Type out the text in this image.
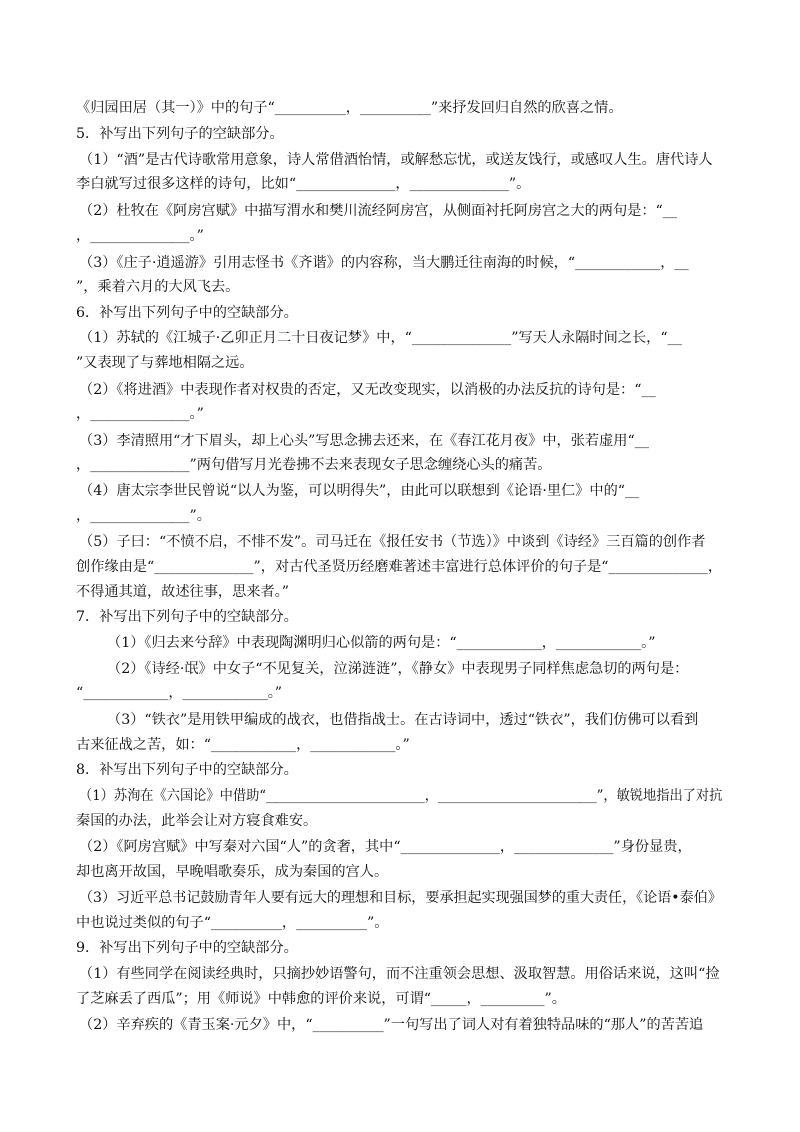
《归园田居（其一）》中的句子“__________，__________”来抒发回归自然的欣喜之情。
5．补写出下列句子的空缺部分。
（1）“酒”是古代诗歌常用意象，诗人常借酒怡情，或解愁忘忧，或送友饯行，或感叹人生。唐代诗人
李白就写过很多这样的诗句，比如“______________，______________”。
（2）杜牧在《阿房宫赋》中描写渭水和樊川流经阿房宫，从侧面衬托阿房宫之大的两句是：“__
，______________。”
（3）《庄子·逍遥游》引用志怪书《齐谐》的内容称，当大鹏迁往南海的时候，“____________，__
”，乘着六月的大风飞去。
6．补写出下列句子中的空缺部分。
（1）苏轼的《江城子·乙卯正月二十日夜记梦》中，“______________”写天人永隔时间之长，“__
”又表现了与葬地相隔之远。
（2）《将进酒》中表现作者对权贵的否定，又无改变现实，以消极的办法反抗的诗句是：“__
，______________。”
（3）李清照用“才下眉头，却上心头”写思念拂去还来，在《春江花月夜》中，张若虚用“__
，______________”两句借写月光卷拂不去来表现女子思念缠绕心头的痛苦。
（4）唐太宗李世民曾说“以人为鉴，可以明得失”，由此可以联想到《论语·里仁》中的“__
，______________”。
（5）子曰：“不愤不启，不悱不发”。司马迁在《报任安书（节选）》中谈到《诗经》三百篇的创作者
创作缘由是“______________”，对古代圣贤历经磨难著述丰富进行总体评价的句子是“______________，
不得通其道，故述往事，思来者。”
7．补写出下列句子中的空缺部分。
（1）《归去来兮辞》中表现陶渊明归心似箭的两句是：“____________，____________。”
（2）《诗经·氓》中女子“不见复关，泣涕涟涟”，《静女》中表现男子同样焦虑急切的两句是：
“____________，____________。”
（3）“铁衣”是用铁甲编成的战衣，也借指战士。在古诗词中，透过“铁衣”，我们仿佛可以看到
古来征战之苦，如：“____________，____________。”
8．补写出下列句子中的空缺部分。
（1）苏洵在《六国论》中借助“________________________，________________________”，敏锐地指出了对抗
秦国的办法，此举会让对方寝食难安。
（2）《阿房宫赋》中写秦对六国“人”的贪奢，其中“______________，______________”身份显贵，
却也离开故国，早晚唱歌奏乐，成为秦国的宫人。
（3）习近平总书记鼓励青年人要有远大的理想和目标，要承担起实现强国梦的重大责任，《论语•泰伯》
中也说过类似的句子“__________，__________”。
9．补写出下列句子中的空缺部分。
（1）有些同学在阅读经典时，只摘抄妙语警句，而不注重领会思想、汲取智慧。用俗话来说，这叫“捡
了芝麻丢了西瓜”；用《师说》中韩愈的评价来说，可谓“_____，_________”。
（2）辛弃疾的《青玉案·元夕》中，“__________”一句写出了词人对有着独特品味的“那人”的苦苦追
